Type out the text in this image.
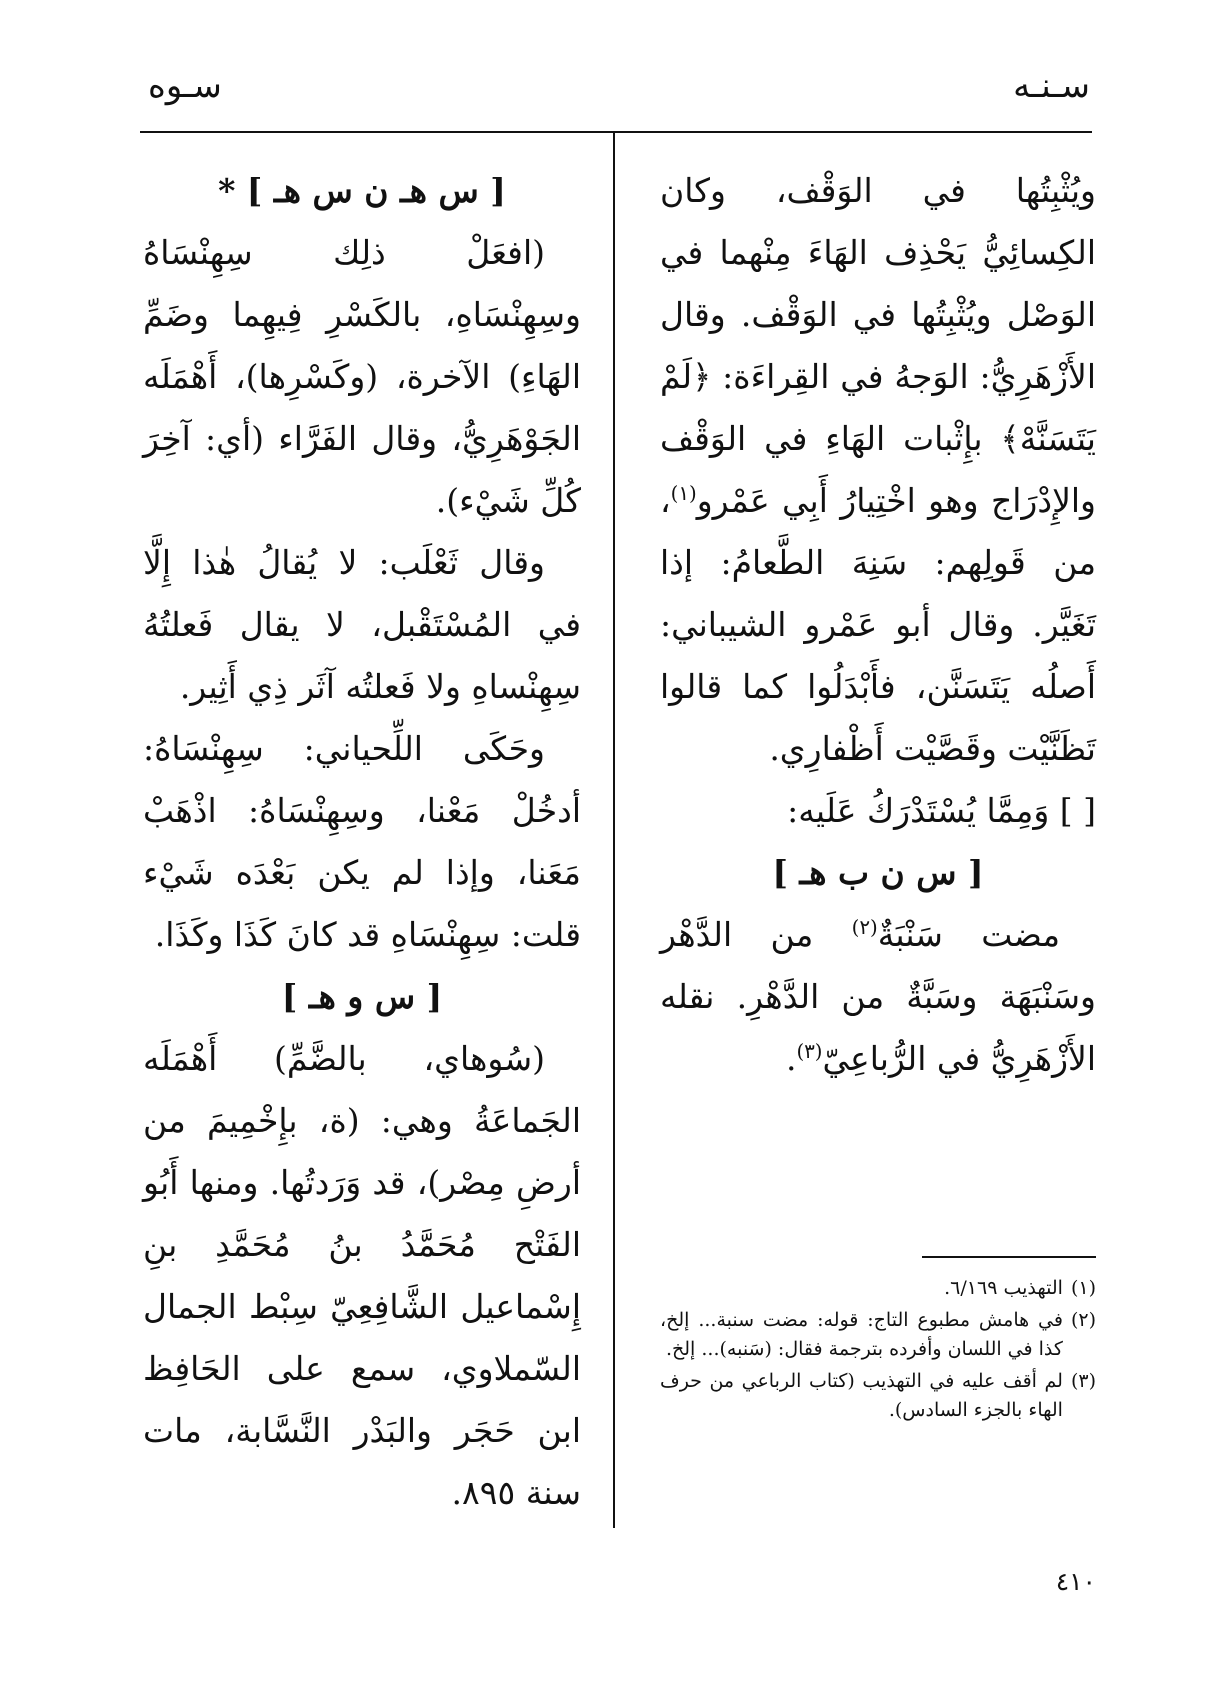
سـنـه
سـوه

ويُثْبِتُها في الوَقْف، وكان الكِسائِيُّ يَحْذِف الهَاءَ مِنْهما في الوَصْل ويُثْبِتُها في الوَقْف. وقال الأَزْهَرِيُّ: الوَجهُ في القِراءَة: ﴿لَمْ يَتَسَنَّهْ﴾ بإِثْبات الهَاءِ في الوَقْف والإِدْرَاج وهو اخْتِيارُ أَبِي عَمْرو$^{(١)}$، من قَولِهم: سَنِهَ الطَّعامُ: إذا تَغَيَّر. وقال أبو عَمْرو الشيباني: أَصلُه يَتَسَنَّن، فأَبْدَلُوا كما قالوا تَظَنَّيْت وقَصَّيْت أَظْفارِي.

[ ] وَمِمَّا يُسْتَدْرَكُ عَلَيه:

[ س ن ب هـ ]

مضت سَنْبَةٌ$^{(٢)}$ من الدَّهْر وسَنْبَهَة وسَبَّةٌ من الدَّهْرِ. نقله الأَزْهَرِيُّ في الرُّباعِيّ$^{(٣)}$.

[ س هـ ن س هـ ] *

(افعَلْ ذلِك سِهِنْسَاهُ وسِهِنْسَاهِ، بالكَسْرِ فِيهِما وضَمِّ الهَاءِ) الآخرة، (وكَسْرِها)، أَهْمَلَه الجَوْهَرِيُّ، وقال الفَرَّاء (أي: آخِرَ كُلِّ شَيْء).

وقال ثَعْلَب: لا يُقالُ هٰذا إِلَّا في المُسْتَقْبل، لا يقال فَعلتُهُ سِهِنْساهِ ولا فَعلتُه آثَر ذِي أَثِير.

وحَكَى اللِّحياني: سِهِنْسَاهُ: أدخُلْ مَعْنا، وسِهِنْسَاهُ: اذْهَبْ مَعَنا، وإذا لم يكن بَعْدَه شَيْء قلت: سِهِنْسَاهِ قد كانَ كَذَا وكَذَا.

[ س و هـ ]

(سُوهاي، بالضَّمِّ) أَهْمَلَه الجَماعَةُ وهي: (ة، بإِخْمِيمَ من أرضِ مِصْر)، قد وَرَدتُها. ومنها أَبُو الفَتْح مُحَمَّدُ بنُ مُحَمَّدِ بنِ إِسْماعيل الشَّافِعِيّ سِبْط الجمال السّملاوي، سمع على الحَافِظ ابن حَجَر والبَدْر النَّسَّابة، مات سنة ٨٩٥.

(١)
التهذيب ٦/١٦٩.
(٢)
في هامش مطبوع التاج: قوله: مضت سنبة... إلخ، كذا في اللسان وأفرده بترجمة فقال: (سَنبه)... إلخ.
(٣)
لم أقف عليه في التهذيب (كتاب الرباعي من حرف الهاء بالجزء السادس).
٤١٠
